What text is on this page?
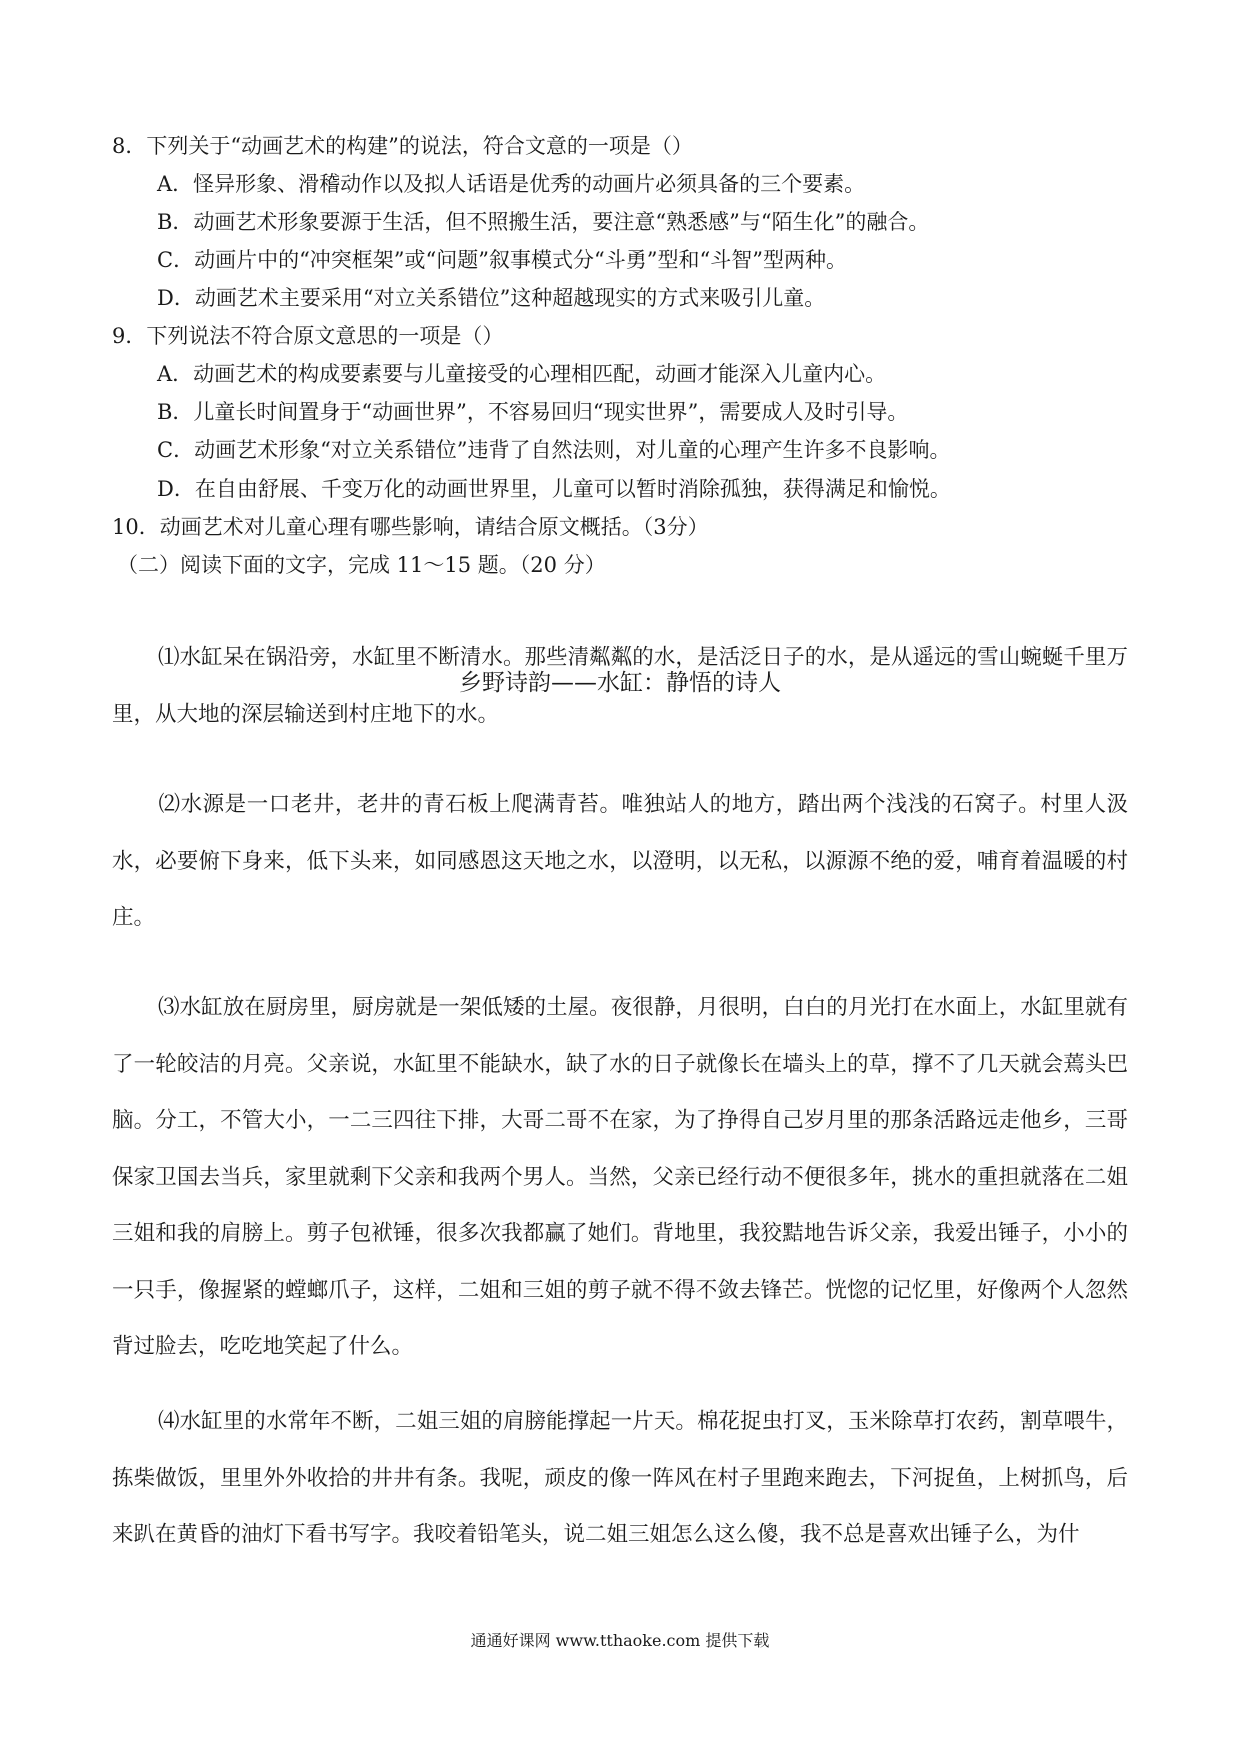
8．下列关于“动画艺术的构建”的说法，符合文意的一项是（）
A．怪异形象、滑稽动作以及拟人话语是优秀的动画片必须具备的三个要素。
B．动画艺术形象要源于生活，但不照搬生活，要注意“熟悉感”与“陌生化”的融合。
C．动画片中的“冲突框架”或“问题”叙事模式分“斗勇”型和“斗智”型两种。
D．动画艺术主要采用“对立关系错位”这种超越现实的方式来吸引儿童。
9．下列说法不符合原文意思的一项是（）
A．动画艺术的构成要素要与儿童接受的心理相匹配，动画才能深入儿童内心。
B．儿童长时间置身于“动画世界”，不容易回归“现实世界”，需要成人及时引导。
C．动画艺术形象“对立关系错位”违背了自然法则，对儿童的心理产生许多不良影响。
D．在自由舒展、千变万化的动画世界里，儿童可以暂时消除孤独，获得满足和愉悦。
10．动画艺术对儿童心理有哪些影响，请结合原文概括。（3分）
（二）阅读下面的文字，完成 11～15 题。（20 分）
乡野诗韵——水缸：静悟的诗人
⑴水缸呆在锅沿旁，水缸里不断清水。那些清粼粼的水，是活泛日子的水，是从遥远的雪山蜿蜒千里万里，从大地的深层输送到村庄地下的水。
⑵水源是一口老井，老井的青石板上爬满青苔。唯独站人的地方，踏出两个浅浅的石窝子。村里人汲水，必要俯下身来，低下头来，如同感恩这天地之水，以澄明，以无私，以源源不绝的爱，哺育着温暖的村庄。
⑶水缸放在厨房里，厨房就是一架低矮的土屋。夜很静，月很明，白白的月光打在水面上，水缸里就有了一轮皎洁的月亮。父亲说，水缸里不能缺水，缺了水的日子就像长在墙头上的草，撑不了几天就会蔫头巴脑。分工，不管大小，一二三四往下排，大哥二哥不在家，为了挣得自己岁月里的那条活路远走他乡，三哥保家卫国去当兵，家里就剩下父亲和我两个男人。当然，父亲已经行动不便很多年，挑水的重担就落在二姐三姐和我的肩膀上。剪子包袱锤，很多次我都赢了她们。背地里，我狡黠地告诉父亲，我爱出锤子，小小的一只手，像握紧的螳螂爪子，这样，二姐和三姐的剪子就不得不敛去锋芒。恍惚的记忆里，好像两个人忽然背过脸去，吃吃地笑起了什么。
⑷水缸里的水常年不断，二姐三姐的肩膀能撑起一片天。棉花捉虫打叉，玉米除草打农药，割草喂牛，拣柴做饭，里里外外收拾的井井有条。我呢，顽皮的像一阵风在村子里跑来跑去，下河捉鱼，上树抓鸟，后来趴在黄昏的油灯下看书写字。我咬着铅笔头，说二姐三姐怎么这么傻，我不总是喜欢出锤子么，为什
通通好课网 www.tthaoke.com 提供下载
